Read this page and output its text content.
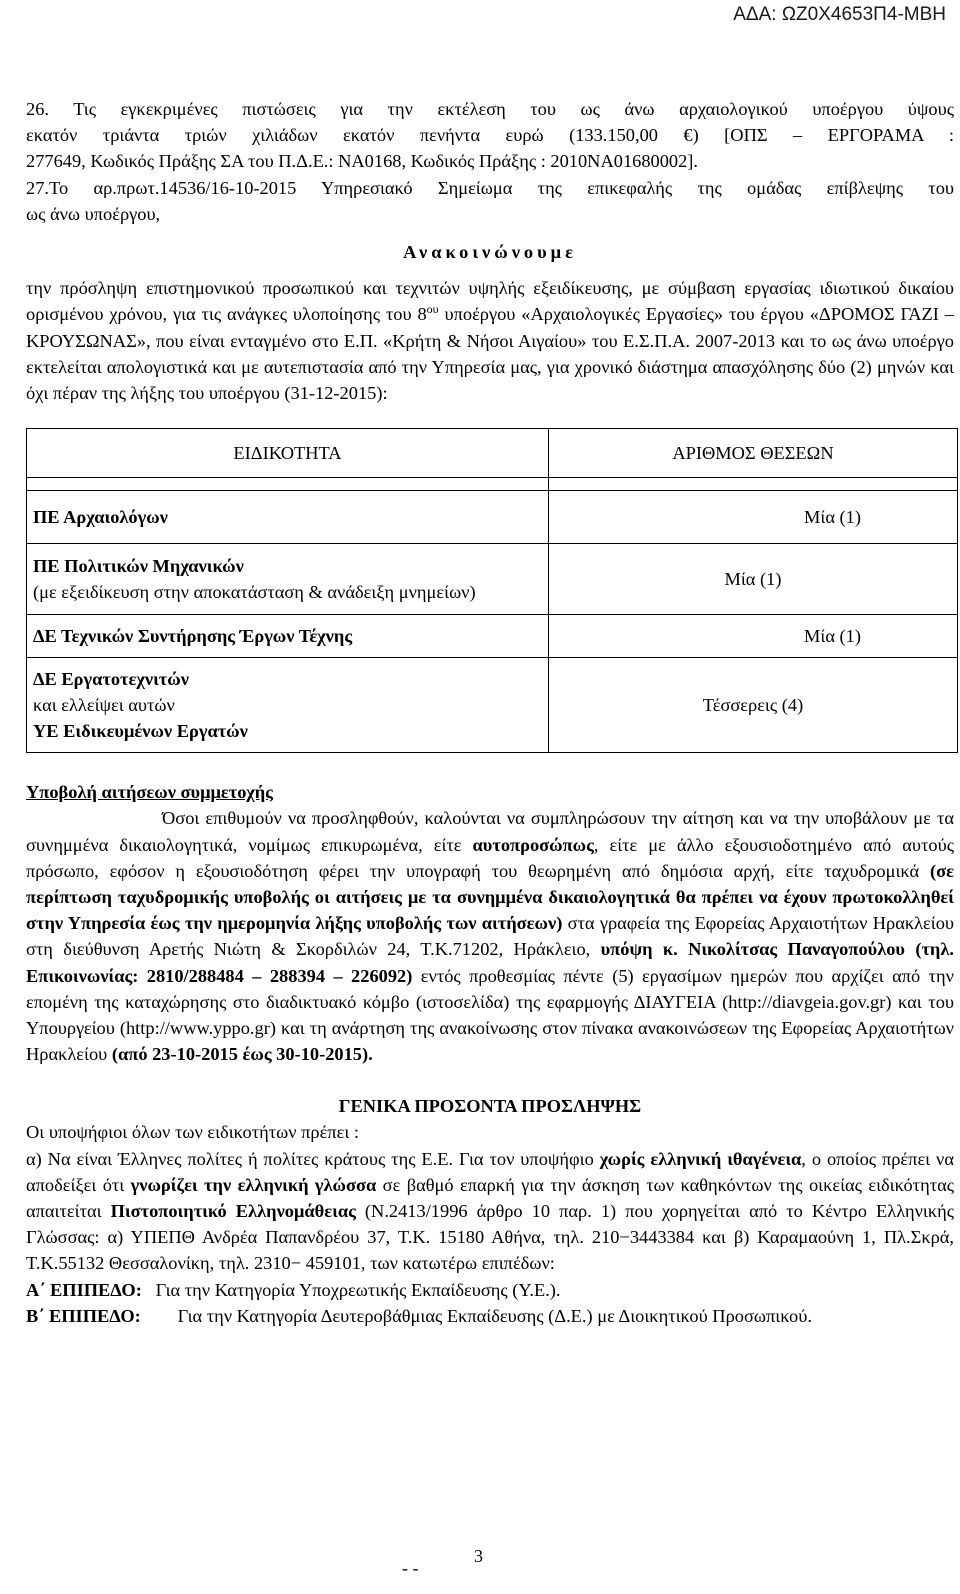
ΑΔΑ: ΩΖ0Χ4653Π4-ΜΒΗ

26. Τις εγκεκριμένες πιστώσεις για την εκτέλεση του ως άνω αρχαιολογικού υποέργου ύψους

εκατόν τριάντα τριών χιλιάδων εκατόν πενήντα ευρώ (133.150,00 €) [ΟΠΣ – ΕΡΓΟΡΑΜΑ :

277649, Κωδικός Πράξης ΣΑ του Π.Δ.Ε.: ΝΑ0168, Κωδικός Πράξης : 2010ΝΑ01680002].

27.Το αρ.πρωτ.14536/16-10-2015 Υπηρεσιακό Σημείωμα της επικεφαλής της ομάδας επίβλεψης του

ως άνω υποέργου,

Ανακοινώνουμε

την πρόσληψη επιστημονικού προσωπικού και τεχνιτών υψηλής εξειδίκευσης, με σύμβαση εργασίας ιδιωτικού δικαίου ορισμένου χρόνου, για τις ανάγκες υλοποίησης του $8^{o\upsilon}$ υποέργου «Αρχαιολογικές Εργασίες» του έργου «ΔΡΟΜΟΣ ΓΑΖΙ – ΚΡΟΥΣΩΝΑΣ», που είναι ενταγμένο στο Ε.Π. «Κρήτη & Νήσοι Αιγαίου» του Ε.Σ.Π.Α. 2007-2013 και το ως άνω υποέργο εκτελείται απολογιστικά και με αυτεπιστασία από την Υπηρεσία μας, για χρονικό διάστημα απασχόλησης δύο (2) μηνών και όχι πέραν της λήξης του υποέργου (31-12-2015):

ΕΙΔΙΚΟΤΗΤΑ	ΑΡΙΘΜΟΣ ΘΕΣΕΩΝ

ΠΕ Αρχαιολόγων	Μία (1)
ΠΕ Πολιτικών Μηχανικών
(με εξειδίκευση στην αποκατάσταση & ανάδειξη μνημείων)	Μία (1)
ΔΕ Τεχνικών Συντήρησης Έργων Τέχνης	Μία (1)
ΔΕ Εργατοτεχνιτών
και ελλείψει αυτών
ΥΕ Ειδικευμένων Εργατών	Τέσσερεις (4)

Υποβολή αιτήσεων συμμετοχής

Όσοι επιθυμούν να προσληφθούν, καλούνται να συμπληρώσουν την αίτηση και να την υποβάλουν με τα συνημμένα δικαιολογητικά, νομίμως επικυρωμένα, είτε αυτοπροσώπως, είτε με άλλο εξουσιοδοτημένο από αυτούς πρόσωπο, εφόσον η εξουσιοδότηση φέρει την υπογραφή του θεωρημένη από δημόσια αρχή, είτε ταχυδρομικά (σε περίπτωση ταχυδρομικής υποβολής οι αιτήσεις με τα συνημμένα δικαιολογητικά θα πρέπει να έχουν πρωτοκολληθεί στην Υπηρεσία έως την ημερομηνία λήξης υποβολής των αιτήσεων) στα γραφεία της Εφορείας Αρχαιοτήτων Ηρακλείου στη διεύθυνση Αρετής Νιώτη & Σκορδιλών 24, Τ.Κ.71202, Ηράκλειο, υπόψη κ. Νικολίτσας Παναγοπούλου (τηλ. Επικοινωνίας: 2810/288484 – 288394 – 226092) εντός προθεσμίας πέντε (5) εργασίμων ημερών που αρχίζει από την επομένη της καταχώρησης στο διαδικτυακό κόμβο (ιστοσελίδα) της εφαρμογής ΔΙΑΥΓΕΙΑ (http://diavgeia.gov.gr) και του Υπουργείου (http://www.yppo.gr) και τη ανάρτηση της ανακοίνωσης στον πίνακα ανακοινώσεων της Εφορείας Αρχαιοτήτων Ηρακλείου (από 23-10-2015 έως 30-10-2015).

ΓΕΝΙΚΑ ΠΡΟΣΟΝΤΑ ΠΡΟΣΛΗΨΗΣ

Οι υποψήφιοι όλων των ειδικοτήτων πρέπει :

α) Να είναι Έλληνες πολίτες ή πολίτες κράτους της Ε.Ε. Για τον υποψήφιο χωρίς ελληνική ιθαγένεια, ο οποίος πρέπει να αποδείξει ότι γνωρίζει την ελληνική γλώσσα σε βαθμό επαρκή για την άσκηση των καθηκόντων της οικείας ειδικότητας απαιτείται Πιστοποιητικό Ελληνομάθειας (Ν.2413/1996 άρθρο 10 παρ. 1) που χορηγείται από το Κέντρο Ελληνικής Γλώσσας: α) ΥΠΕΠΘ Ανδρέα Παπανδρέου 37, Τ.Κ. 15180 Αθήνα, τηλ. 210−3443384 και β) Καραμαούνη 1, Πλ.Σκρά, Τ.Κ.55132 Θεσσαλονίκη, τηλ. 2310− 459101, των κατωτέρω επιπέδων:

Α΄ ΕΠΙΠΕΔΟ: Για την Κατηγορία Υποχρεωτικής Εκπαίδευσης (Υ.Ε.).

Β΄ ΕΠΙΠΕΔΟ: Για την Κατηγορία Δευτεροβάθμιας Εκπαίδευσης (Δ.Ε.) με Διοικητικού Προσωπικού.

- -
3
